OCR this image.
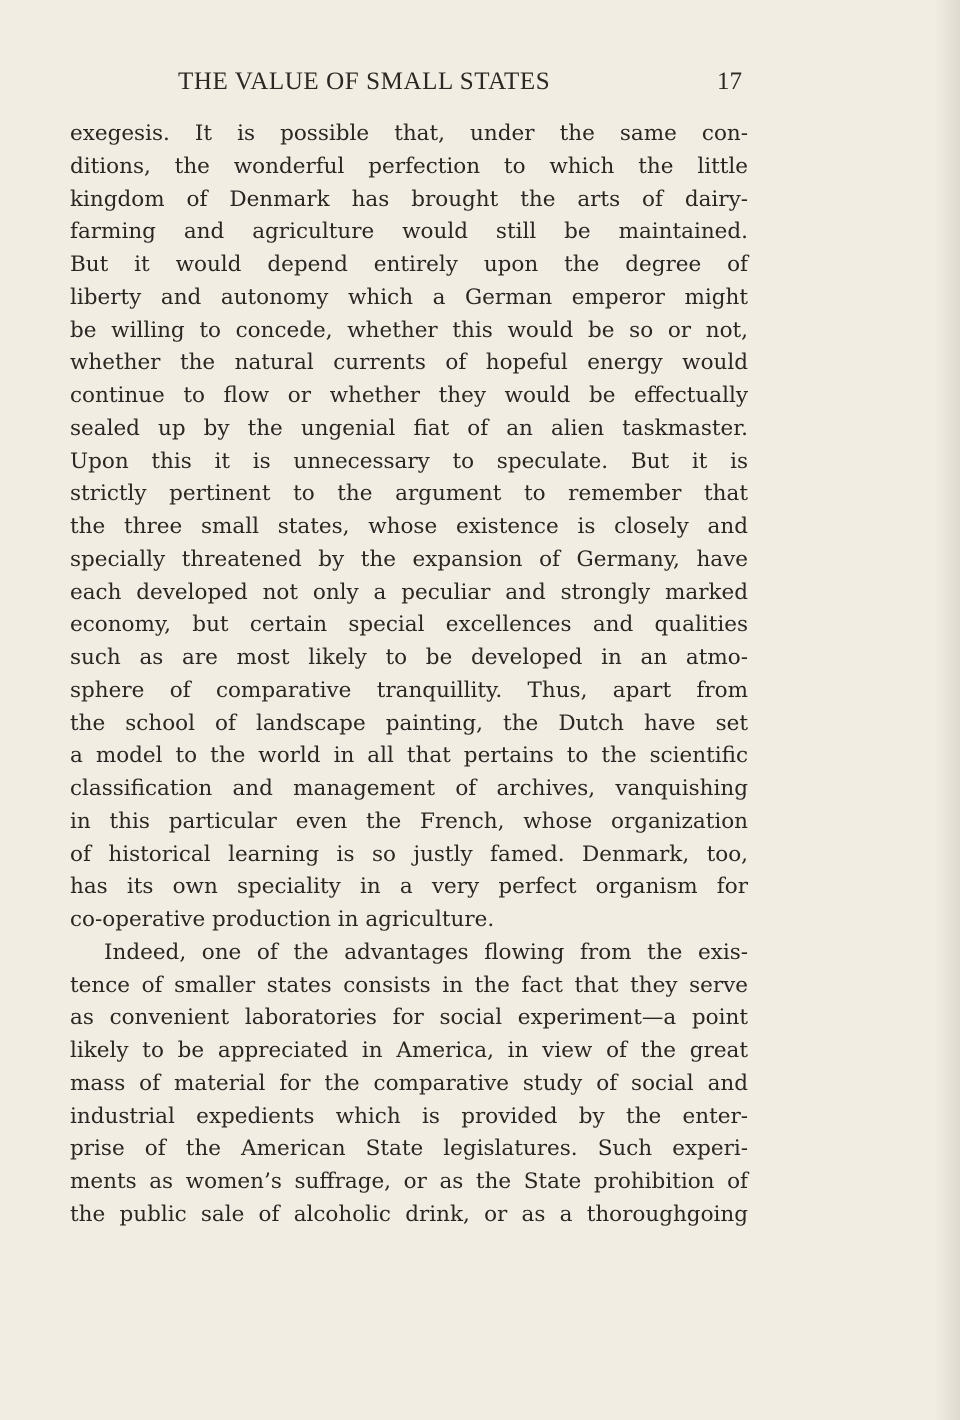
THE VALUE OF SMALL STATES	17
exegesis. It is possible that, under the same con-
ditions, the wonderful perfection to which the little
kingdom of Denmark has brought the arts of dairy-
farming and agriculture would still be maintained.
But it would depend entirely upon the degree of
liberty and autonomy which a German emperor might
be willing to concede, whether this would be so or not,
whether the natural currents of hopeful energy would
continue to flow or whether they would be effectually
sealed up by the ungenial fiat of an alien taskmaster.
Upon this it is unnecessary to speculate. But it is
strictly pertinent to the argument to remember that
the three small states, whose existence is closely and
specially threatened by the expansion of Germany, have
each developed not only a peculiar and strongly marked
economy, but certain special excellences and qualities
such as are most likely to be developed in an atmo-
sphere of comparative tranquillity. Thus, apart from
the school of landscape painting, the Dutch have set
a model to the world in all that pertains to the scientific
classification and management of archives, vanquishing
in this particular even the French, whose organization
of historical learning is so justly famed. Denmark, too,
has its own speciality in a very perfect organism for
co-operative production in agriculture.
Indeed, one of the advantages flowing from the exis-
tence of smaller states consists in the fact that they serve
as convenient laboratories for social experiment—a point
likely to be appreciated in America, in view of the great
mass of material for the comparative study of social and
industrial expedients which is provided by the enter-
prise of the American State legislatures. Such experi-
ments as women’s suffrage, or as the State prohibition of
the public sale of alcoholic drink, or as a thoroughgoing
